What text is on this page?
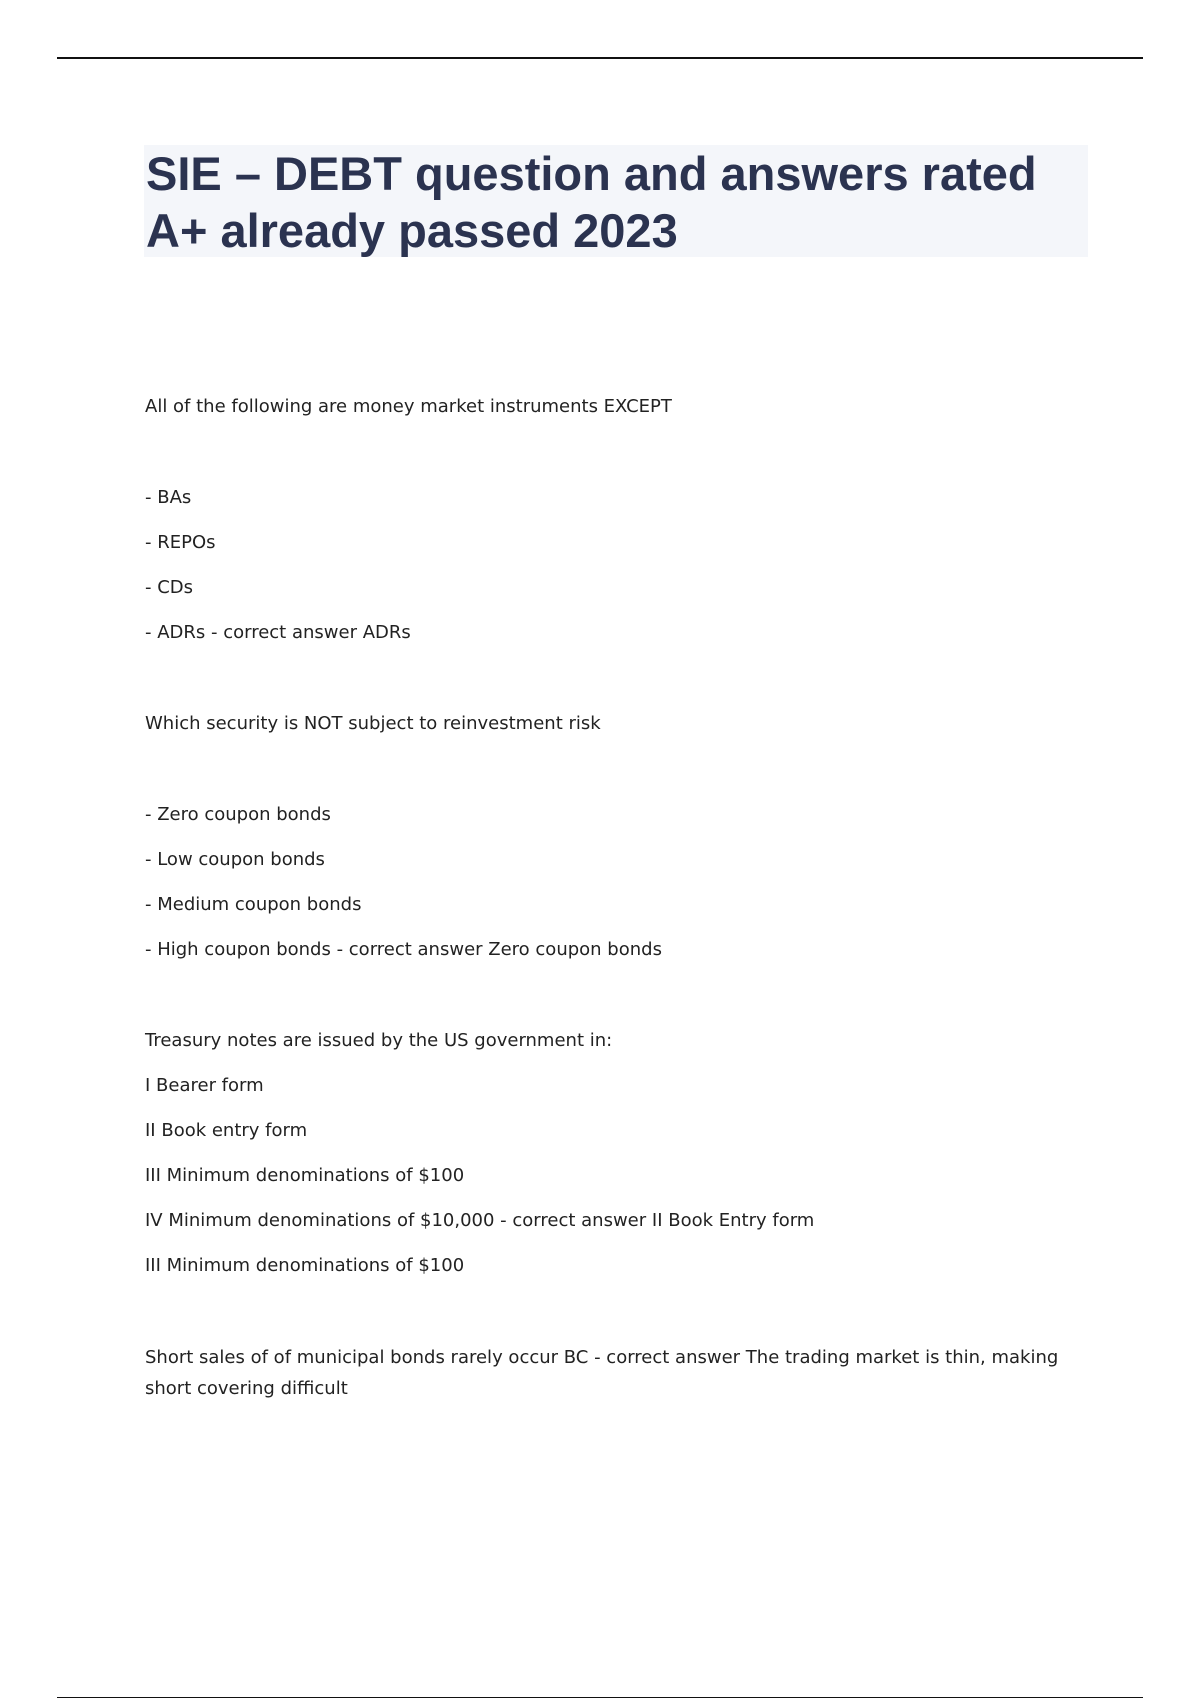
SIE – DEBT question and answers rated A+ already passed 2023
All of the following are money market instruments EXCEPT
- BAs
- REPOs
- CDs
- ADRs - correct answer ADRs
Which security is NOT subject to reinvestment risk
- Zero coupon bonds
- Low coupon bonds
- Medium coupon bonds
- High coupon bonds - correct answer Zero coupon bonds
Treasury notes are issued by the US government in:
I Bearer form
II Book entry form
III Minimum denominations of $100
IV Minimum denominations of $10,000 - correct answer II Book Entry form
III Minimum denominations of $100
Short sales of of municipal bonds rarely occur BC - correct answer The trading market is thin, making short covering difficult
